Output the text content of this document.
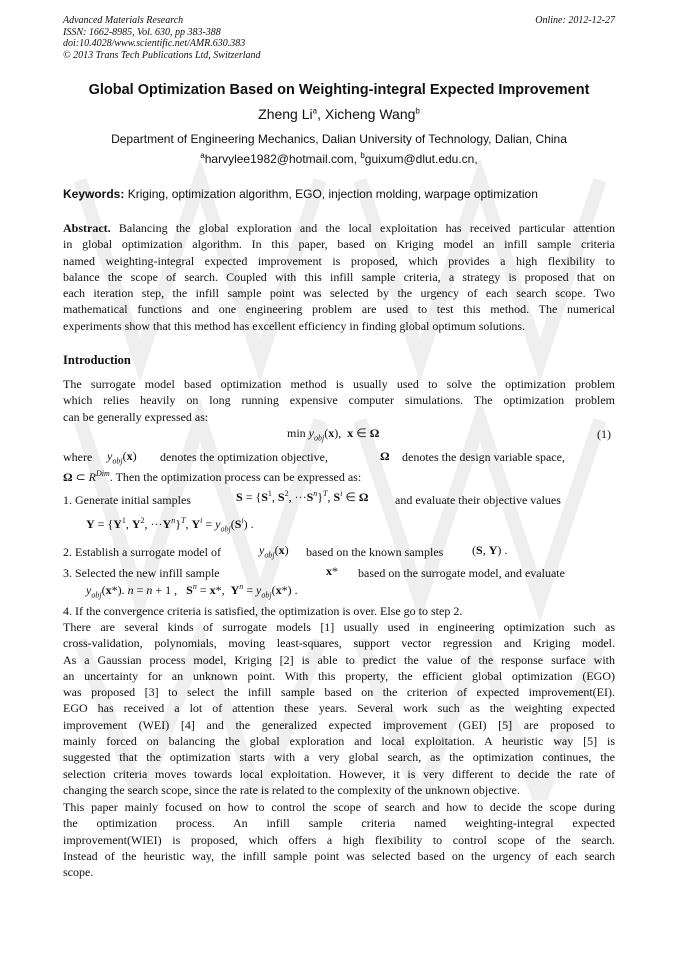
Advanced Materials Research
ISSN: 1662-8985, Vol. 630, pp 383-388
doi:10.4028/www.scientific.net/AMR.630.383
© 2013 Trans Tech Publications Ltd, Switzerland
Online: 2012-12-27
Global Optimization Based on Weighting-integral Expected Improvement
Zheng Li$^a$, Xicheng Wang$^b$
Department of Engineering Mechanics, Dalian University of Technology, Dalian, China
$^a$harvylee1982@hotmail.com, $^b$guixum@dlut.edu.cn,
Keywords: Kriging, optimization algorithm, EGO, injection molding, warpage optimization
Abstract. Balancing the global exploration and the local exploitation has received particular attention
in global optimization algorithm. In this paper, based on Kriging model an infill sample criteria
named weighting-integral expected improvement is proposed, which provides a high flexibility to
balance the scope of search. Coupled with this infill sample criteria, a strategy is proposed that on
each iteration step, the infill sample point was selected by the urgency of each search scope. Two
mathematical functions and one engineering problem are used to test this method. The numerical
experiments show that this method has excellent efficiency in finding global optimum solutions.
Introduction
The surrogate model based optimization method is usually used to solve the optimization problem
which relies heavily on long running expensive computer simulations. The optimization problem
can be generally expressed as:
$\min y_{obj}(x)$,  x ∈ Ω	(1)
where $y_{obj}(x)$ denotes the optimization objective,	Ω denotes the design variable space,
Ω ⊂ $R^{Dim}$. Then the optimization process can be expressed as:
1. Generate initial samples	$S = \{S^1$, $S^2$, $\cdot\cdot\cdot S^n\}^T$, $S^i$ ∈ Ω and evaluate their objective values
$Y = \{Y^1$, $Y^2$, $\cdot\cdot\cdot Y^n\}^T$, $Y^i = y_{obj}(S^i)$ .
2. Establish a surrogate model of	$y_{obj}(x)$ based on the known samples (S, Y) .
3. Selected the new infill sample	x* based on the surrogate model, and evaluate
$y_{obj}(x*)$. n = n + 1 ,   $S^n = x*$,  $Y^n = y_{obj}(x*)$ .
4. If the convergence criteria is satisfied, the optimization is over. Else go to step 2.
There are several kinds of surrogate models [1] usually used in engineering optimization such as
cross-validation, polynomials, moving least-squares, support vector regression and Kriging model.
As a Gaussian process model, Kriging [2] is able to predict the value of the response surface with
an uncertainty for an unknown point. With this property, the efficient global optimization (EGO)
was proposed [3] to select the infill sample based on the criterion of expected improvement(EI).
EGO has received a lot of attention these years. Several work such as the weighting expected
improvement (WEI) [4] and the generalized expected improvement (GEI) [5] are proposed to
mainly forced on balancing the global exploration and local exploitation. A heuristic way [5] is
suggested that the optimization starts with a very global search, as the optimization continues, the
selection criteria moves towards local exploitation. However, it is very different to decide the rate of
changing the search scope, since the rate is related to the complexity of the unknown objective.
This paper mainly focused on how to control the scope of search and how to decide the scope during
the optimization process. An infill sample criteria named weighting-integral expected
improvement(WIEI) is proposed, which offers a high flexibility to control scope of the search.
Instead of the heuristic way, the infill sample point was selected based on the urgency of each search
scope.
